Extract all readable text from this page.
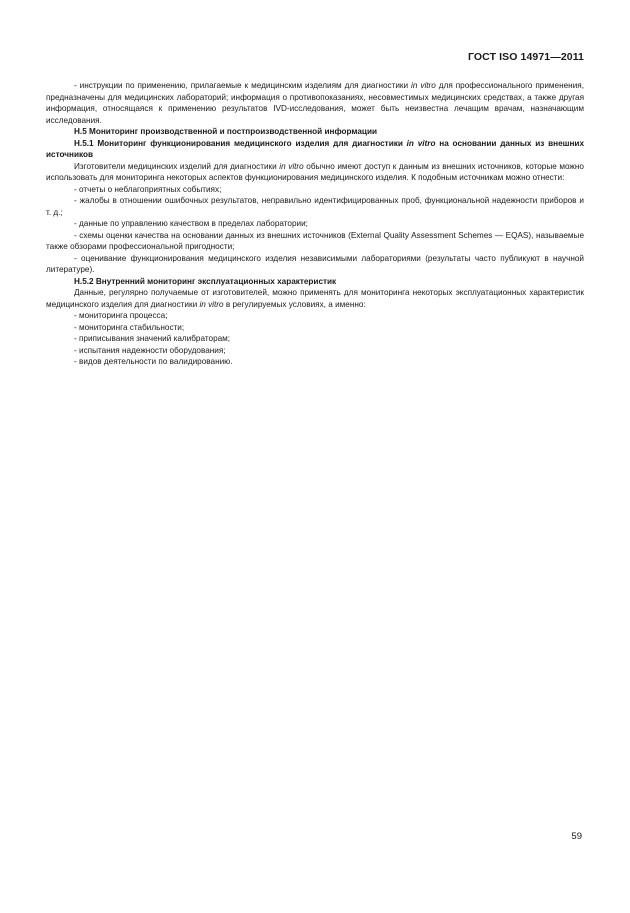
ГОСТ ISO 14971—2011

- инструкции по применению, прилагаемые к медицинским изделиям для диагностики in vitro для профессионального применения, предназначены для медицинских лабораторий; информация о противопоказаниях, несовместимых медицинских средствах, а также другая информация, относящаяся к применению результатов IVD-исследования, может быть неизвестна лечащим врачам, назначающим исследования.

Н.5 Мониторинг производственной и постпроизводственной информации

Н.5.1 Мониторинг функционирования медицинского изделия для диагностики in vitro на основании данных из внешних источников

Изготовители медицинских изделий для диагностики in vitro обычно имеют доступ к данным из внешних источников, которые можно использовать для мониторинга некоторых аспектов функционирования медицинского изделия. К подобным источникам можно отнести:

- отчеты о неблагоприятных событиях;

- жалобы в отношении ошибочных результатов, неправильно идентифицированных проб, функциональной надежности приборов и т. д.;

- данные по управлению качеством в пределах лаборатории;

- схемы оценки качества на основании данных из внешних источников (External Quality Assessment Schemes — EQAS), называемые также обзорами профессиональной пригодности;

- оценивание функционирования медицинского изделия независимыми лабораториями (результаты часто публикуют в научной литературе).

Н.5.2 Внутренний мониторинг эксплуатационных характеристик

Данные, регулярно получаемые от изготовителей, можно применять для мониторинга некоторых эксплуатационных характеристик медицинского изделия для диагностики in vitro в регулируемых условиях, а именно:

- мониторинга процесса;

- мониторинга стабильности;

- приписывания значений калибраторам;

- испытания надежности оборудования;

- видов деятельности по валидированию.

59
